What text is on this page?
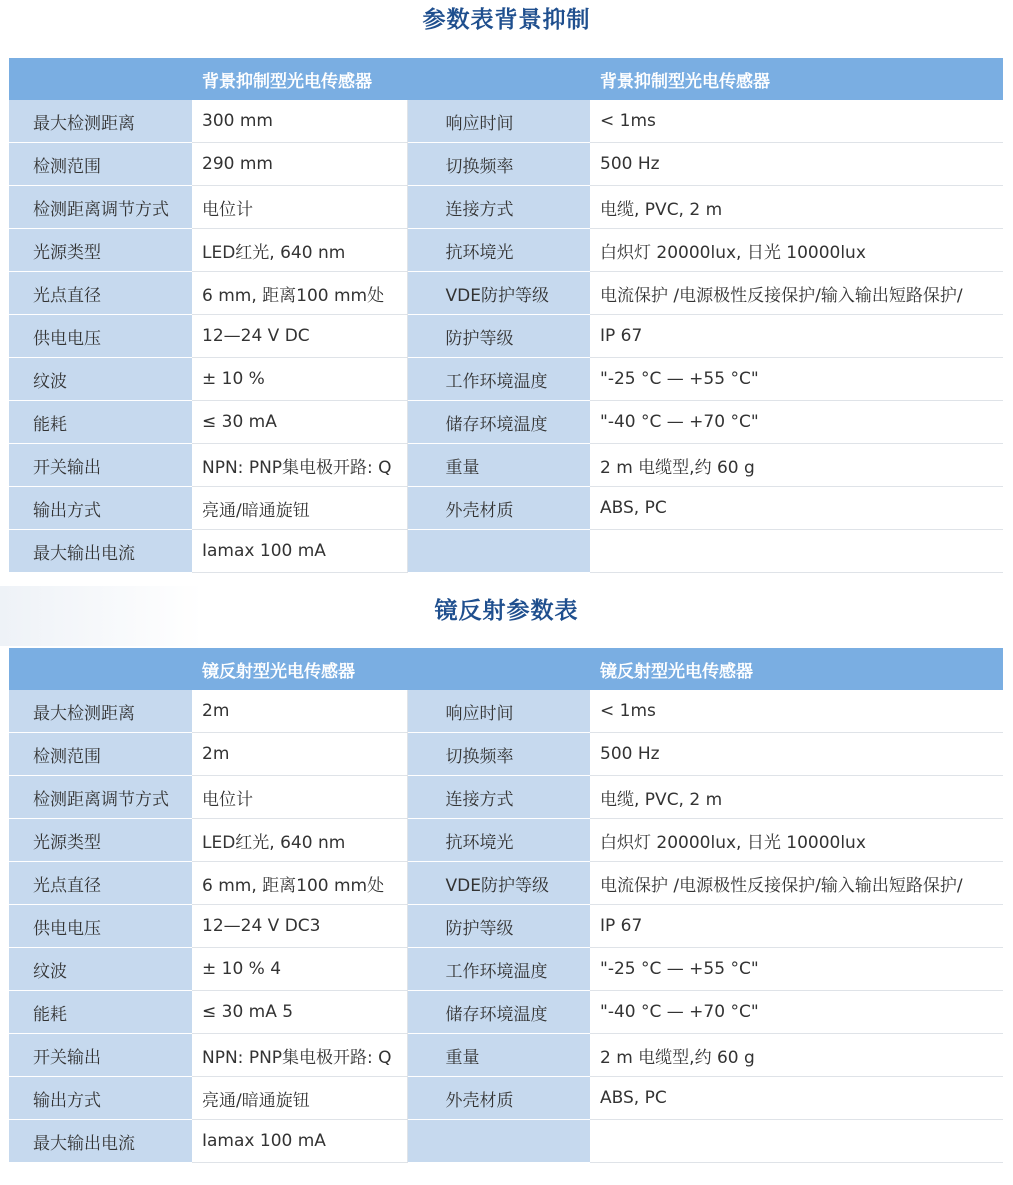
参数表背景抑制
	背景抑制型光电传感器		背景抑制型光电传感器
最大检测距离	300 mm	响应时间	< 1ms
检测范围	290 mm	切换频率	500 Hz
检测距离调节方式	电位计	连接方式	电缆, PVC, 2 m
光源类型	LED红光, 640 nm	抗环境光	白炽灯 20000lux, 日光 10000lux
光点直径	6 mm, 距离100 mm处	VDE防护等级	电流保护 /电源极性反接保护/输入输出短路保护/
供电电压	12—24 V DC	防护等级	IP 67
纹波	± 10 %	工作环境温度	"-25 °C — +55 °C"
能耗	≤ 30 mA	储存环境温度	"-40 °C — +70 °C"
开关输出	NPN: PNP集电极开路: Q	重量	2 m 电缆型,约 60 g
输出方式	亮通/暗通旋钮	外壳材质	ABS, PC
最大输出电流	Iamax 100 mA		
镜反射参数表
	镜反射型光电传感器		镜反射型光电传感器
最大检测距离	2m	响应时间	< 1ms
检测范围	2m	切换频率	500 Hz
检测距离调节方式	电位计	连接方式	电缆, PVC, 2 m
光源类型	LED红光, 640 nm	抗环境光	白炽灯 20000lux, 日光 10000lux
光点直径	6 mm, 距离100 mm处	VDE防护等级	电流保护 /电源极性反接保护/输入输出短路保护/
供电电压	12—24 V DC3	防护等级	IP 67
纹波	± 10 % 4	工作环境温度	"-25 °C — +55 °C"
能耗	≤ 30 mA 5	储存环境温度	"-40 °C — +70 °C"
开关输出	NPN: PNP集电极开路: Q	重量	2 m 电缆型,约 60 g
输出方式	亮通/暗通旋钮	外壳材质	ABS, PC
最大输出电流	Iamax 100 mA		
